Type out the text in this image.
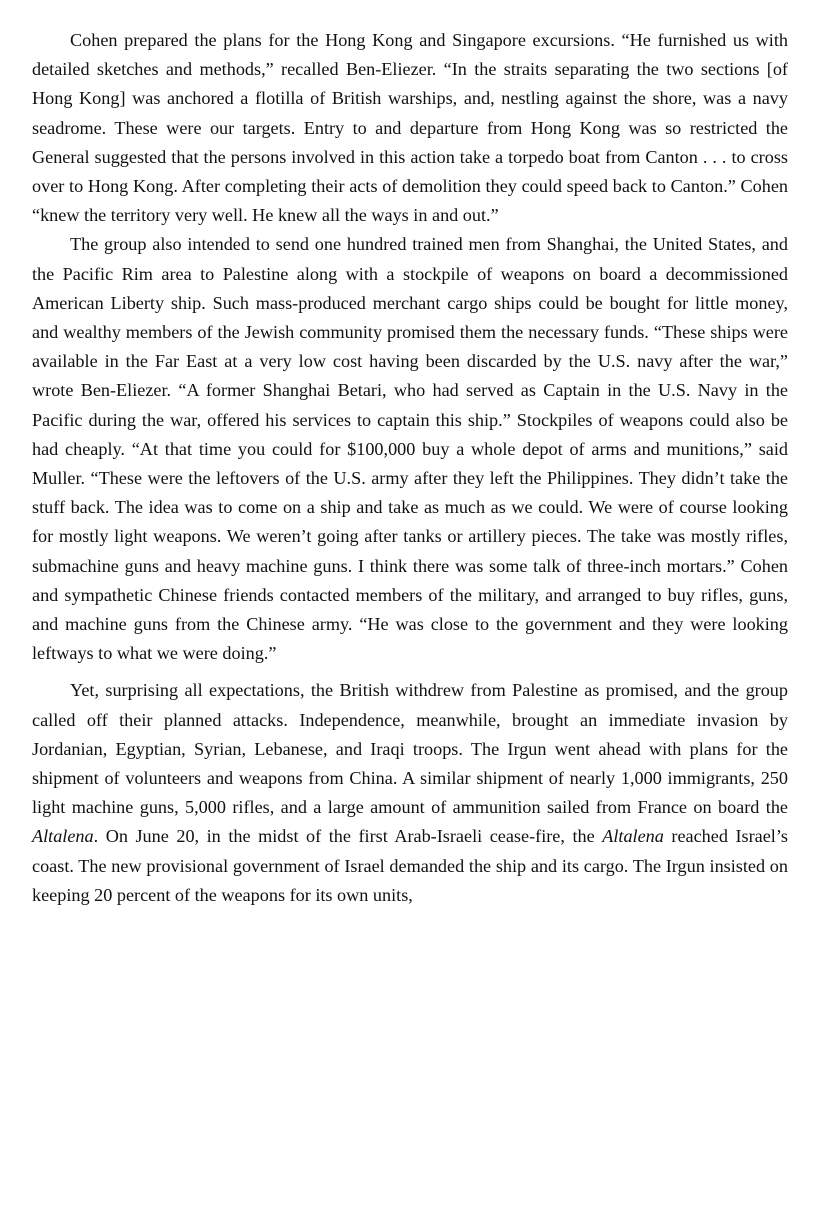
Cohen prepared the plans for the Hong Kong and Singapore excursions. “He furnished us with detailed sketches and methods,” recalled Ben-Eliezer. “In the straits separating the two sections [of Hong Kong] was anchored a flotilla of British warships, and, nestling against the shore, was a navy seadrome. These were our targets. Entry to and departure from Hong Kong was so restricted the General suggested that the persons involved in this action take a torpedo boat from Canton . . . to cross over to Hong Kong. After completing their acts of demolition they could speed back to Canton.” Cohen “knew the territory very well. He knew all the ways in and out.”

The group also intended to send one hundred trained men from Shanghai, the United States, and the Pacific Rim area to Palestine along with a stockpile of weapons on board a decommissioned American Liberty ship. Such mass-produced merchant cargo ships could be bought for little money, and wealthy members of the Jewish community promised them the necessary funds. “These ships were available in the Far East at a very low cost having been discarded by the U.S. navy after the war,” wrote Ben-Eliezer. “A former Shanghai Betari, who had served as Captain in the U.S. Navy in the Pacific during the war, offered his services to captain this ship.” Stockpiles of weapons could also be had cheaply. “At that time you could for $100,000 buy a whole depot of arms and munitions,” said Muller. “These were the leftovers of the U.S. army after they left the Philippines. They didn’t take the stuff back. The idea was to come on a ship and take as much as we could. We were of course looking for mostly light weapons. We weren’t going after tanks or artillery pieces. The take was mostly rifles, submachine guns and heavy machine guns. I think there was some talk of three-inch mortars.” Cohen and sympathetic Chinese friends contacted members of the military, and arranged to buy rifles, guns, and machine guns from the Chinese army. “He was close to the government and they were looking leftways to what we were doing.”

Yet, surprising all expectations, the British withdrew from Palestine as promised, and the group called off their planned attacks. Independence, meanwhile, brought an immediate invasion by Jordanian, Egyptian, Syrian, Lebanese, and Iraqi troops. The Irgun went ahead with plans for the shipment of volunteers and weapons from China. A similar shipment of nearly 1,000 immigrants, 250 light machine guns, 5,000 rifles, and a large amount of ammunition sailed from France on board the Altalena. On June 20, in the midst of the first Arab-Israeli cease-fire, the Altalena reached Israel’s coast. The new provisional government of Israel demanded the ship and its cargo. The Irgun insisted on keeping 20 percent of the weapons for its own units,
